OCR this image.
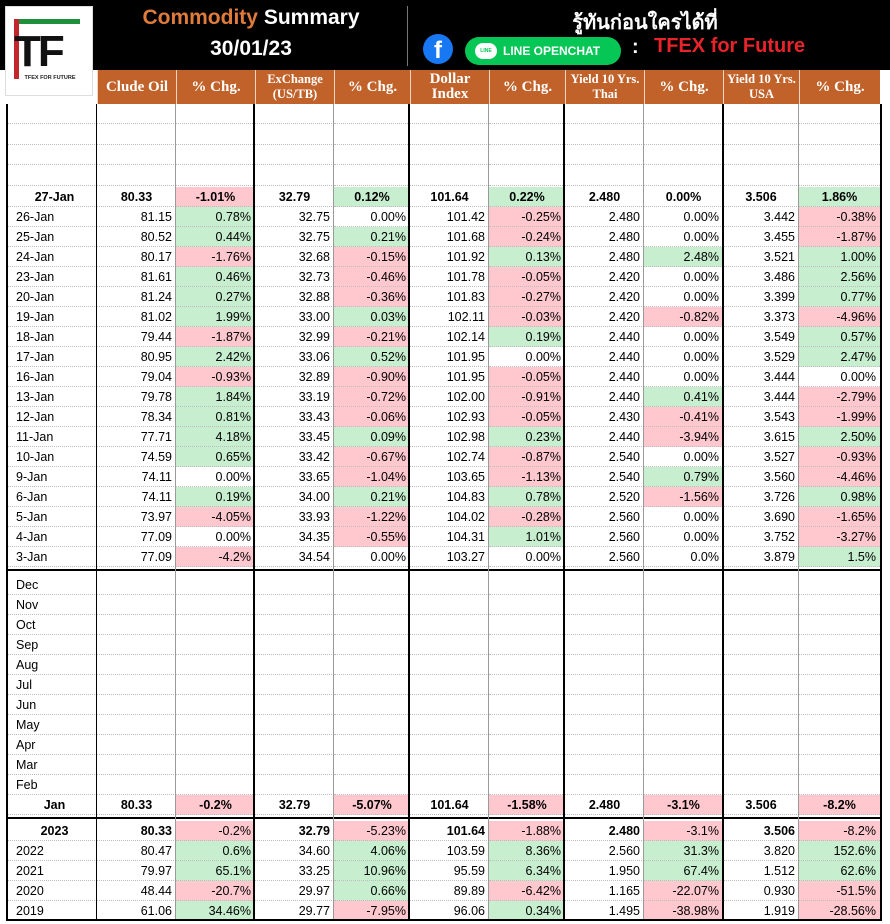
TF
TFEX FOR FUTURE
Commodity Summary
30/01/23
รู้ทันก่อนใครได้ที่
f	LINE LINE OPENCHAT : TFEX for Future
Clude Oil	% Chg.	ExChange (US/TB)	% Chg.	Dollar Index	% Chg.	Yield 10 Yrs. Thai	% Chg.	Yield 10 Yrs. USA	% Chg.
27-Jan	80.33	-1.01%	32.79	0.12%	101.64	0.22%	2.480	0.00%	3.506	1.86%
26-Jan	81.15	0.78%	32.75	0.00%	101.42	-0.25%	2.480	0.00%	3.442	-0.38%
25-Jan	80.52	0.44%	32.75	0.21%	101.68	-0.24%	2.480	0.00%	3.455	-1.87%
24-Jan	80.17	-1.76%	32.68	-0.15%	101.92	0.13%	2.480	2.48%	3.521	1.00%
23-Jan	81.61	0.46%	32.73	-0.46%	101.78	-0.05%	2.420	0.00%	3.486	2.56%
20-Jan	81.24	0.27%	32.88	-0.36%	101.83	-0.27%	2.420	0.00%	3.399	0.77%
19-Jan	81.02	1.99%	33.00	0.03%	102.11	-0.03%	2.420	-0.82%	3.373	-4.96%
18-Jan	79.44	-1.87%	32.99	-0.21%	102.14	0.19%	2.440	0.00%	3.549	0.57%
17-Jan	80.95	2.42%	33.06	0.52%	101.95	0.00%	2.440	0.00%	3.529	2.47%
16-Jan	79.04	-0.93%	32.89	-0.90%	101.95	-0.05%	2.440	0.00%	3.444	0.00%
13-Jan	79.78	1.84%	33.19	-0.72%	102.00	-0.91%	2.440	0.41%	3.444	-2.79%
12-Jan	78.34	0.81%	33.43	-0.06%	102.93	-0.05%	2.430	-0.41%	3.543	-1.99%
11-Jan	77.71	4.18%	33.45	0.09%	102.98	0.23%	2.440	-3.94%	3.615	2.50%
10-Jan	74.59	0.65%	33.42	-0.67%	102.74	-0.87%	2.540	0.00%	3.527	-0.93%
9-Jan	74.11	0.00%	33.65	-1.04%	103.65	-1.13%	2.540	0.79%	3.560	-4.46%
6-Jan	74.11	0.19%	34.00	0.21%	104.83	0.78%	2.520	-1.56%	3.726	0.98%
5-Jan	73.97	-4.05%	33.93	-1.22%	104.02	-0.28%	2.560	0.00%	3.690	-1.65%
4-Jan	77.09	0.00%	34.35	-0.55%	104.31	1.01%	2.560	0.00%	3.752	-3.27%
3-Jan	77.09	-4.2%	34.54	0.00%	103.27	0.00%	2.560	0.0%	3.879	1.5%
Dec
Nov
Oct
Sep
Aug
Jul
Jun
May
Apr
Mar
Feb
Jan	80.33	-0.2%	32.79	-5.07%	101.64	-1.58%	2.480	-3.1%	3.506	-8.2%
2023	80.33	-0.2%	32.79	-5.23%	101.64	-1.88%	2.480	-3.1%	3.506	-8.2%
2022	80.47	0.6%	34.60	4.06%	103.59	8.36%	2.560	31.3%	3.820	152.6%
2021	79.97	65.1%	33.25	10.96%	95.59	6.34%	1.950	67.4%	1.512	62.6%
2020	48.44	-20.7%	29.97	0.66%	89.89	-6.42%	1.165	-22.07%	0.930	-51.5%
2019	61.06	34.46%	29.77	-7.95%	96.06	0.34%	1.495	-38.98%	1.919	-28.56%
